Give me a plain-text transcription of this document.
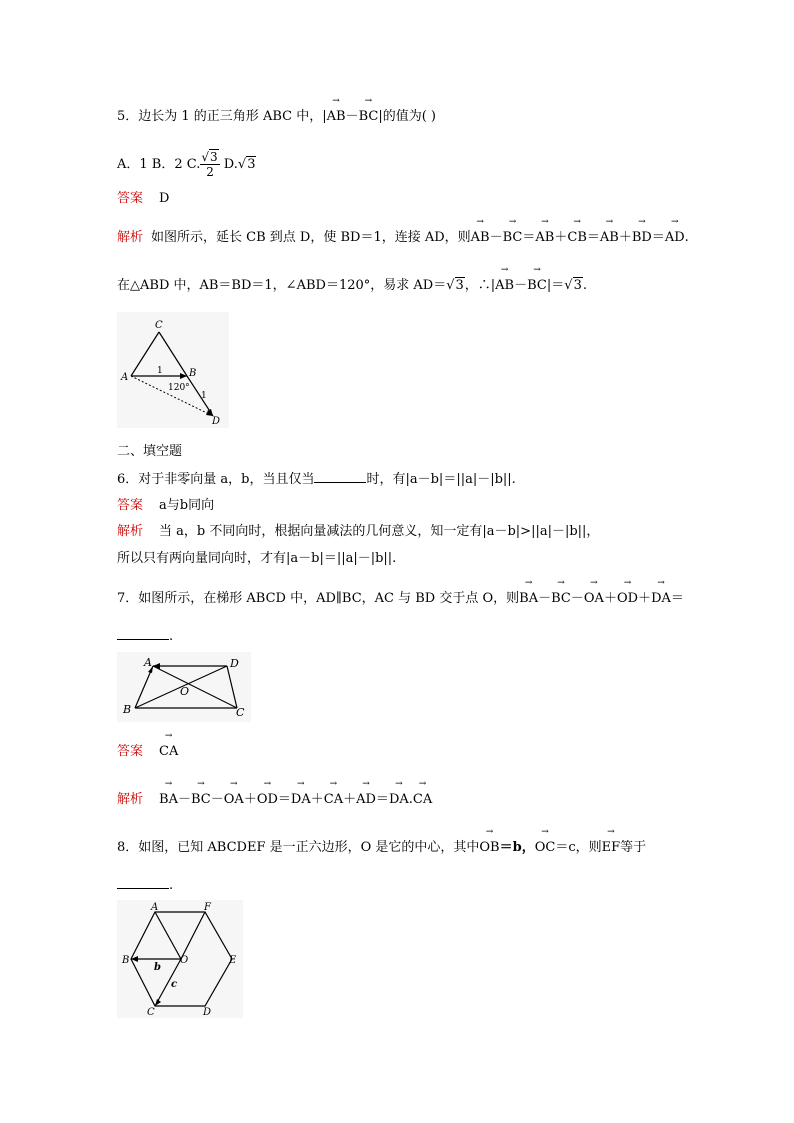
5．边长为 1 的正三角形 ABC 中，|→ AB－→ BC|的值为( )
A．1 B．2 C. $\frac{√3}{2} D.√3$
答案 D
解析 如图所示，延长 CB 到点 D，使 BD＝1，连接 AD，则→ AB－→ BC＝→ AB＋→ CB＝→ AB＋→ BD＝→ AD.
在△ABD 中，AB＝BD＝1，∠ABD＝120°，易求 AD＝√3，∴|→ AB－→ BC|＝√3.
C
A	B
D
1
1
120°
二、填空题
6．对于非零向量 a，b，当且仅当	时，有|a－b|＝||a|－|b||.
答案 a与b同向
解析 当 a，b 不同向时，根据向量减法的几何意义，知一定有|a－b|>||a|－|b||，
所以只有两向量同向时，才有|a－b|＝||a|－|b||.
7．如图所示，在梯形 ABCD 中，AD∥BC，AC 与 BD 交于点 O，则→ BA－→ BC－→ OA＋→ OD＋→ DA＝
.
A	D
B	C
O
答案 → CA
解析 → BA－→ BC－→ OA＋→ OD＝→ DA＋→ CA＋→ AD＝→ DA.→ CA
8．如图，已知 ABCDEF 是一正六边形，O 是它的中心，其中→ OB＝b，→ OC＝c，则→ EF等于
.
A	F
B	E
C	D
O
b
c
